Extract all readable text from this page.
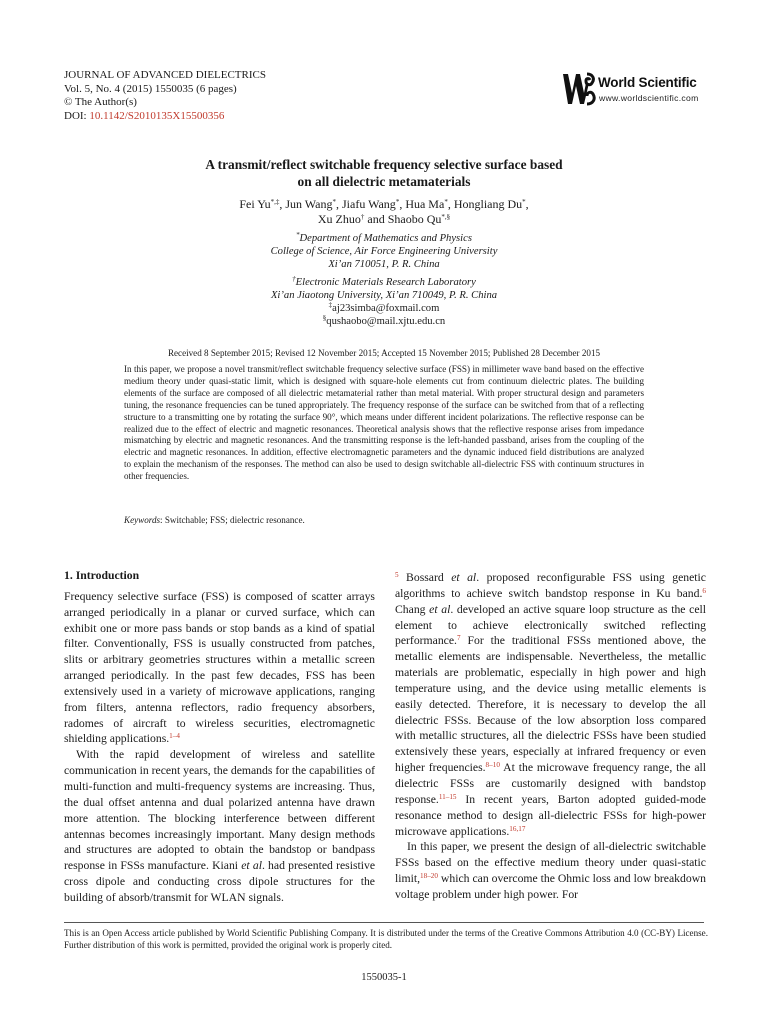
JOURNAL OF ADVANCED DIELECTRICS
Vol. 5, No. 4 (2015) 1550035 (6 pages)
© The Author(s)
DOI: 10.1142/S2010135X15500356
World Scientific
www.worldscientific.com
A transmit/reflect switchable frequency selective surface based
on all dielectric metamaterials
Fei Yu*,‡, Jun Wang*, Jiafu Wang*, Hua Ma*, Hongliang Du*,
Xu Zhuo† and Shaobo Qu*,§
*Department of Mathematics and Physics
College of Science, Air Force Engineering University
Xi’an 710051, P. R. China
†Electronic Materials Research Laboratory
Xi’an Jiaotong University, Xi’an 710049, P. R. China
‡aj23simba@foxmail.com
§qushaobo@mail.xjtu.edu.cn
Received 8 September 2015; Revised 12 November 2015; Accepted 15 November 2015; Published 28 December 2015
In this paper, we propose a novel transmit/reflect switchable frequency selective surface (FSS) in millimeter wave band based on the effective medium theory under quasi-static limit, which is designed with square-hole elements cut from continuum dielectric plates. The building elements of the surface are composed of all dielectric metamaterial rather than metal material. With proper structural design and parameters tuning, the resonance frequencies can be tuned appropriately. The frequency response of the surface can be switched from that of a reflecting structure to a transmitting one by rotating the surface 90°, which means under different incident polarizations. The reflective response can be realized due to the effect of electric and magnetic resonances. Theoretical analysis shows that the reflective response arises from impedance mismatching by electric and magnetic resonances. And the transmitting response is the left-handed passband, arises from the coupling of the electric and magnetic resonances. In addition, effective electromagnetic parameters and the dynamic induced field distributions are analyzed to explain the mechanism of the responses. The method can also be used to design switchable all-dielectric FSS with continuum structures in other frequencies.
Keywords: Switchable; FSS; dielectric resonance.
1. Introduction

Frequency selective surface (FSS) is composed of scatter arrays arranged periodically in a planar or curved surface, which can exhibit one or more pass bands or stop bands as a kind of spatial filter. Conventionally, FSS is usually constructed from patches, slits or arbitrary geometries structures within a metallic screen arranged periodically. In the past few decades, FSS has been extensively used in a variety of microwave applications, ranging from filters, antenna reflectors, radio frequency absorbers, radomes of aircraft to wireless securities, electromagnetic shielding applications.$^{1-4}$

With the rapid development of wireless and satellite communication in recent years, the demands for the capabilities of multi-function and multi-frequency systems are increasing. Thus, the dual offset antenna and dual polarized antenna have drawn more attention. The blocking interference between different antennas becomes increasingly important. Many design methods and structures are adopted to obtain the bandstop or bandpass response in FSSs manufacture. Kiani et al. had presented resistive cross dipole and conducting cross dipole structures for the building of absorb/transmit for WLAN signals.

$^5$ Bossard et al. proposed reconfigurable FSS using genetic algorithms to achieve switch bandstop response in Ku band.$^6$ Chang et al. developed an active square loop structure as the cell element to achieve electronically switched reflecting performance.$^7$ For the traditional FSSs mentioned above, the metallic elements are indispensable. Nevertheless, the metallic materials are problematic, especially in high power and high temperature using, and the device using metallic elements is easily detected. Therefore, it is necessary to develop the all dielectric FSSs. Because of the low absorption loss compared with metallic structures, all the dielectric FSSs have been studied extensively these years, especially at infrared frequency or even higher frequencies.$^{8-10}$ At the microwave frequency range, the all dielectric FSSs are customarily designed with bandstop response.$^{11-15}$ In recent years, Barton adopted guided-mode resonance method to design all-dielectric FSSs for high-power microwave applications.$^{16,17}$

In this paper, we present the design of all-dielectric switchable FSSs based on the effective medium theory under quasi-static limit,$^{18-20}$ which can overcome the Ohmic loss and low breakdown voltage problem under high power. For

This is an Open Access article published by World Scientific Publishing Company. It is distributed under the terms of the Creative Commons Attribution 4.0 (CC-BY) License. Further distribution of this work is permitted, provided the original work is properly cited.
1550035-1
